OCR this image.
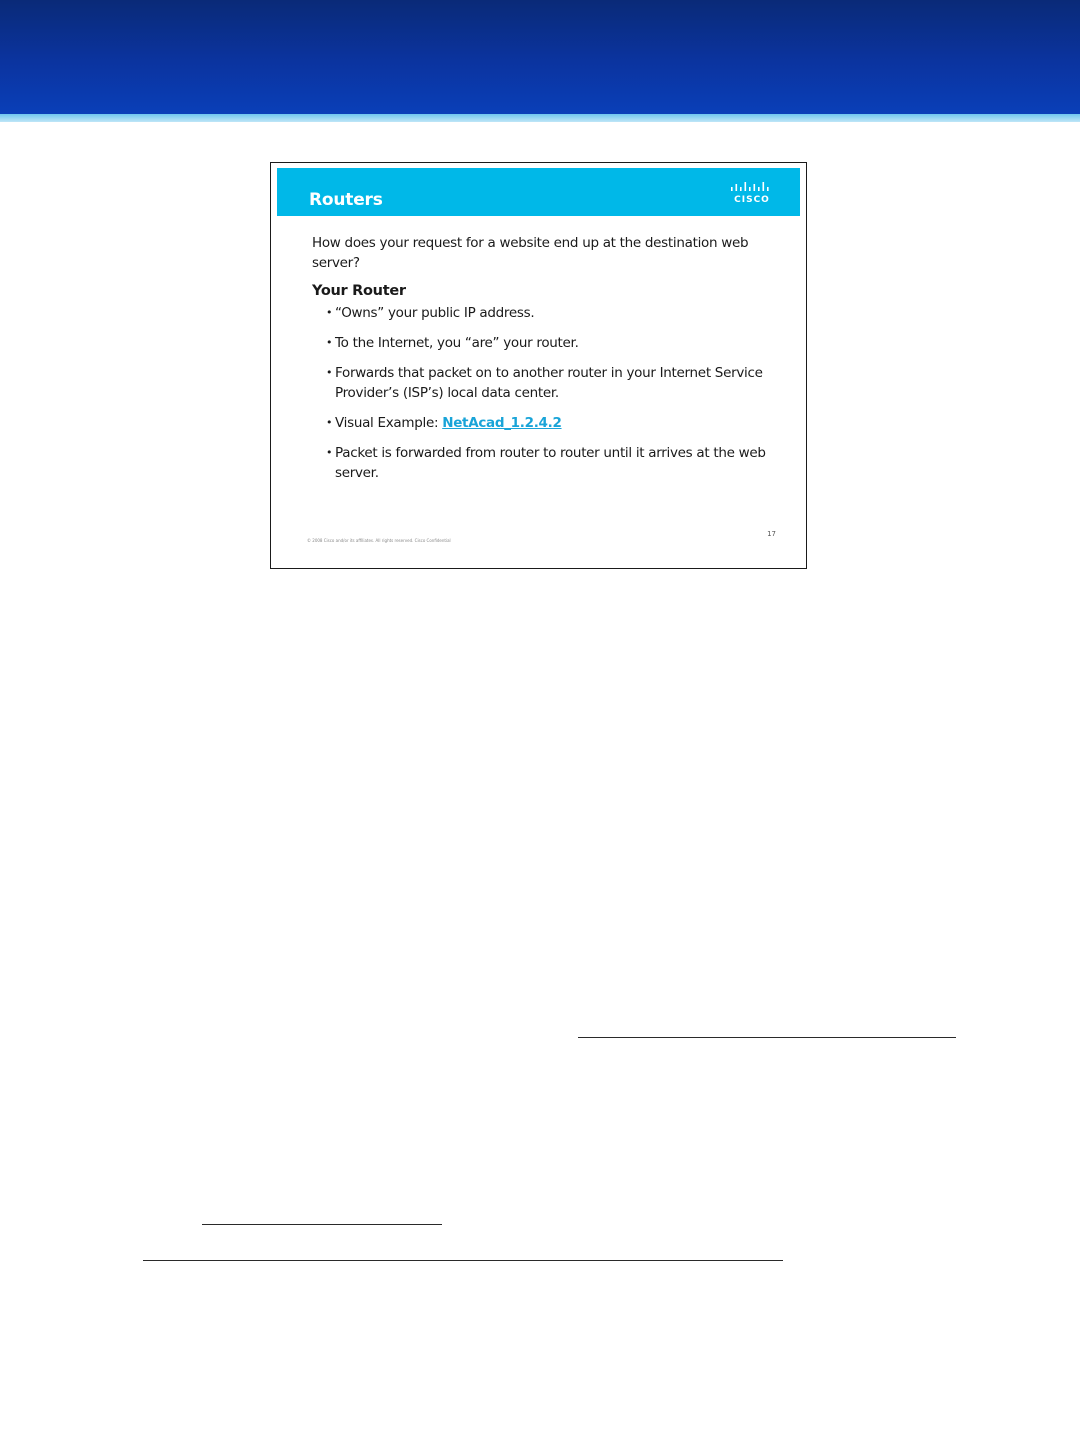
Routers	CISCO

How does your request for a website end up at the destination web server?

Your Router
• “Owns” your public IP address.
• To the Internet, you “are” your router.
• Forwards that packet on to another router in your Internet Service Provider’s (ISP’s) local data center.
• Visual Example: NetAcad_1.2.4.2
• Packet is forwarded from router to router until it arrives at the web server.
© 2008 Cisco and/or its affiliates. All rights reserved. Cisco Confidential
17
